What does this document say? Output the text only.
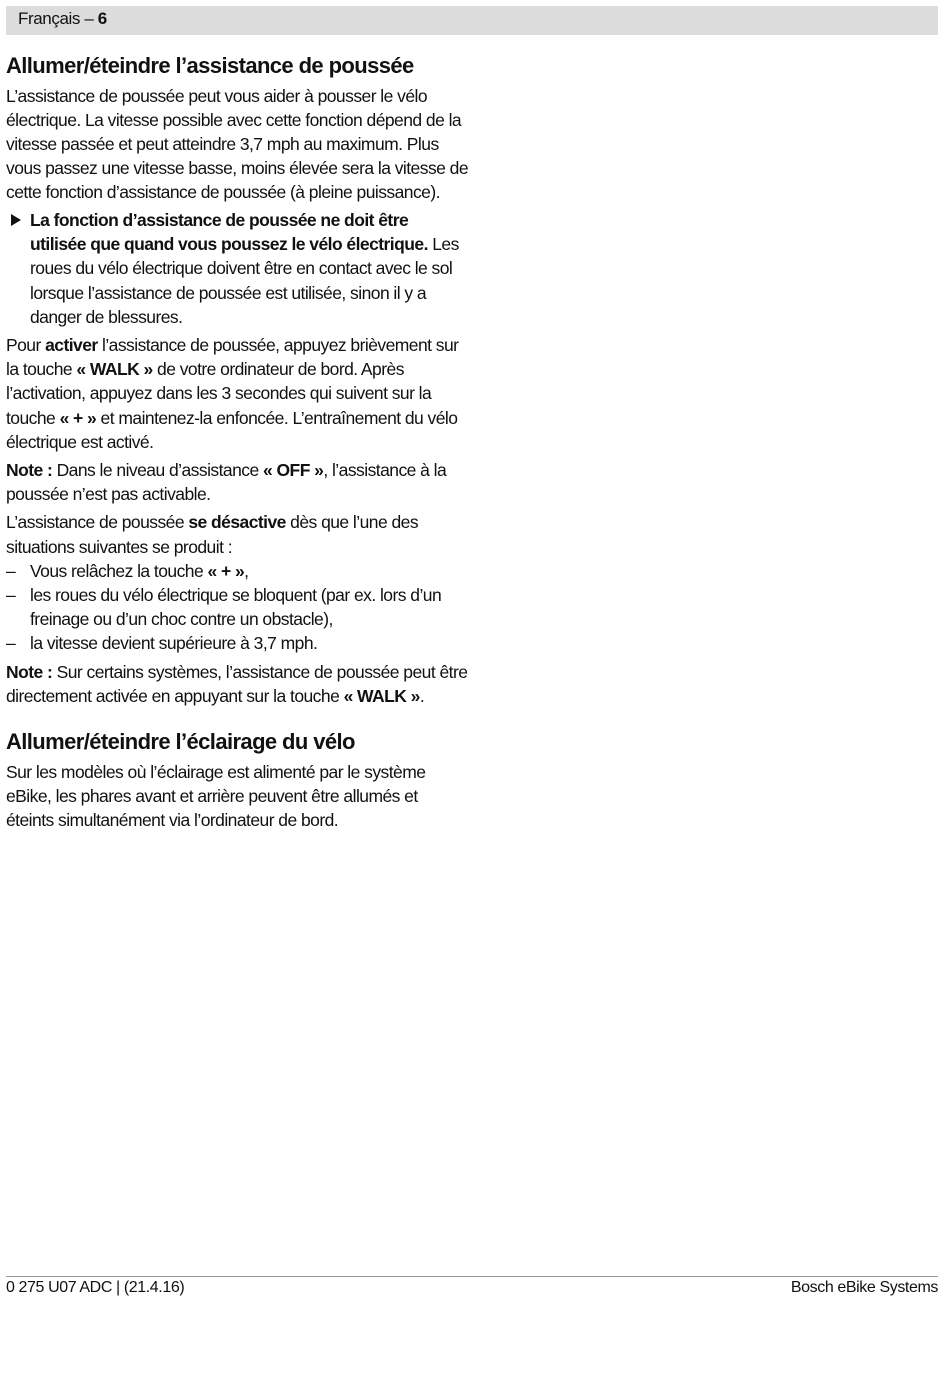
Français – 6
Allumer/éteindre l’assistance de poussée

L’assistance de poussée peut vous aider à pousser le vélo électrique. La vitesse possible avec cette fonction dépend de la vitesse passée et peut atteindre 3,7 mph au maximum. Plus vous passez une vitesse basse, moins élevée sera la vitesse de cette fonction d’assistance de poussée (à pleine puissance).

La fonction d’assistance de poussée ne doit être utilisée que quand vous poussez le vélo électrique. Les roues du vélo électrique doivent être en contact avec le sol lorsque l’assistance de poussée est utilisée, sinon il y a danger de blessures.

Pour activer l’assistance de poussée, appuyez brièvement sur la touche « WALK » de votre ordinateur de bord. Après l’activation, appuyez dans les 3 secondes qui suivent sur la touche « + » et maintenez-la enfoncée. L’entraînement du vélo électrique est activé.

Note : Dans le niveau d’assistance « OFF », l’assistance à la poussée n’est pas activable.

L’assistance de poussée se désactive dès que l’une des situations suivantes se produit :

– Vous relâchez la touche « + »,
– les roues du vélo électrique se bloquent (par ex. lors d’un freinage ou d’un choc contre un obstacle),
– la vitesse devient supérieure à 3,7 mph.

Note : Sur certains systèmes, l’assistance de poussée peut être directement activée en appuyant sur la touche « WALK ».

Allumer/éteindre l’éclairage du vélo

Sur les modèles où l’éclairage est alimenté par le système eBike, les phares avant et arrière peuvent être allumés et éteints simultanément via l’ordinateur de bord.

0 275 U07 ADC | (21.4.16)	Bosch eBike Systems
